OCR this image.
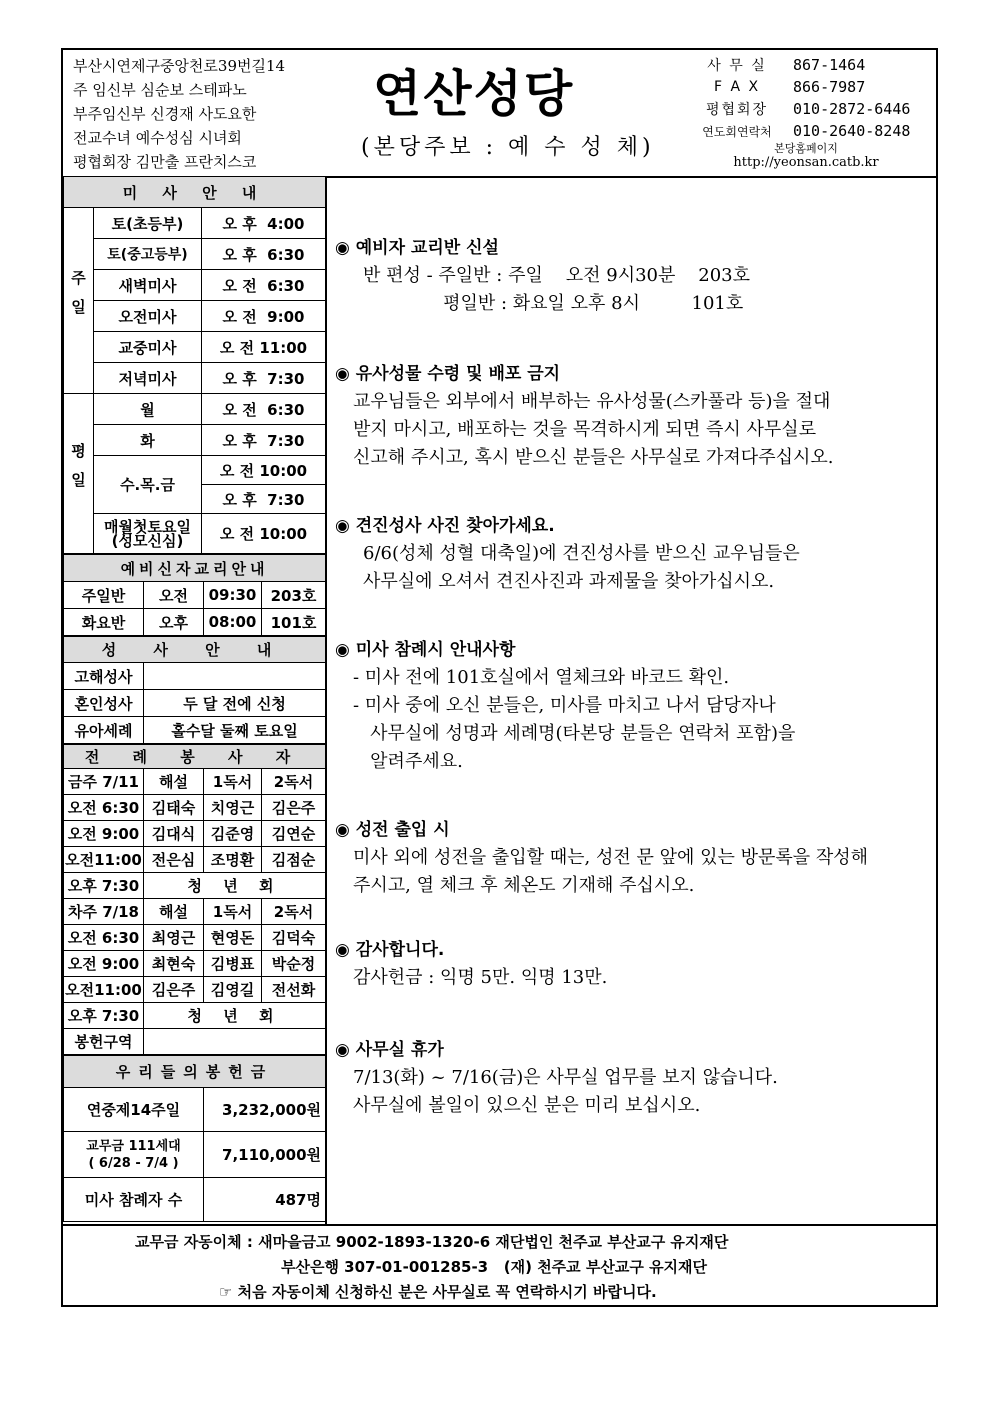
부산시연제구중앙천로39번길14
주 임신부 심순보 스테파노
부주임신부 신경재 사도요한
전교수녀 예수성심 시녀회
평협회장 김만출 프란치스코
연산성당
(본당주보 : 예 수 성 체)
사 무 실	867-1464
F A X	866-7987
평협회장	010-2872-6446
연도회연락처	010-2640-8248
본당홈페이지
http://yeonsan.catb.kr
미 사 안 내		
주일	토(초등부)	오 후  4:00
	토(중고등부)	오 후  6:30
	새벽미사	오 전  6:30
	오전미사	오 전  9:00
	교중미사	오 전 11:00
	저녁미사	오 후  7:30
평일	월	오 전  6:30
	화	오 후  7:30
	수.목.금	오 전 10:00
		오 후  7:30
	매월첫토요일 (성모신심)	오 전 10:00
예비신자교리안내			
주일반	오전	09:30	203호
화요반	오후	08:00	101호
성 사 안 내	
고해성사	
혼인성사	두 달 전에 신청
유아세례	홀수달 둘째 토요일
전 례 봉 사 자			
금주 7/11	해설	1독서	2독서
오전 6:30	김태숙	치영근	김은주
오전 9:00	김대식	김준영	김연순
오전11:00	전은심	조명환	김점순
오후 7:30	청 년 회		
차주 7/18	해설	1독서	2독서
오전 6:30	최영근	현영돈	김덕숙
오전 9:00	최현숙	김병표	박순정
오전11:00	김은주	김영길	전선화
오후 7:30	청 년 회		
봉헌구역			
우리들의봉헌금	
연중제14주일	3,232,000원

교무금 111세대
( 6/28 - 7/4 )	7,110,000원
미사 참례자 수	487명

◉ 예비자 교리반 신설

반 편성 - 주일반 : 주일    오전 9시30분    203호

평일반 : 화요일 오후 8시         101호

◉ 유사성물 수령 및 배포 금지

교우님들은 외부에서 배부하는 유사성물(스카풀라 등)을 절대

받지 마시고, 배포하는 것을 목격하시게 되면 즉시 사무실로

신고해 주시고, 혹시 받으신 분들은 사무실로 가져다주십시오.

◉ 견진성사 사진 찾아가세요.

6/6(성체 성혈 대축일)에 견진성사를 받으신 교우님들은

사무실에 오셔서 견진사진과 과제물을 찾아가십시오.

◉ 미사 참례시 안내사항

- 미사 전에 101호실에서 열체크와 바코드 확인.

- 미사 중에 오신 분들은, 미사를 마치고 나서 담당자나

사무실에 성명과 세례명(타본당 분들은 연락처 포함)을

알려주세요.

◉ 성전 출입 시

미사 외에 성전을 출입할 때는, 성전 문 앞에 있는 방문록을 작성해

주시고, 열 체크 후 체온도 기재해 주십시오.

◉ 감사합니다.

감사헌금 : 익명 5만. 익명 13만.

◉ 사무실 휴가

7/13(화) ~ 7/16(금)은 사무실 업무를 보지 않습니다.

사무실에 볼일이 있으신 분은 미리 보십시오.

교무금 자동이체 : 새마을금고 9002-1893-1320-6 재단법인 천주교 부산교구 유지재단
부산은행 307-01-001285-3   (재) 천주교 부산교구 유지재단
☞ 처음 자동이체 신청하신 분은 사무실로 꼭 연락하시기 바랍니다.
